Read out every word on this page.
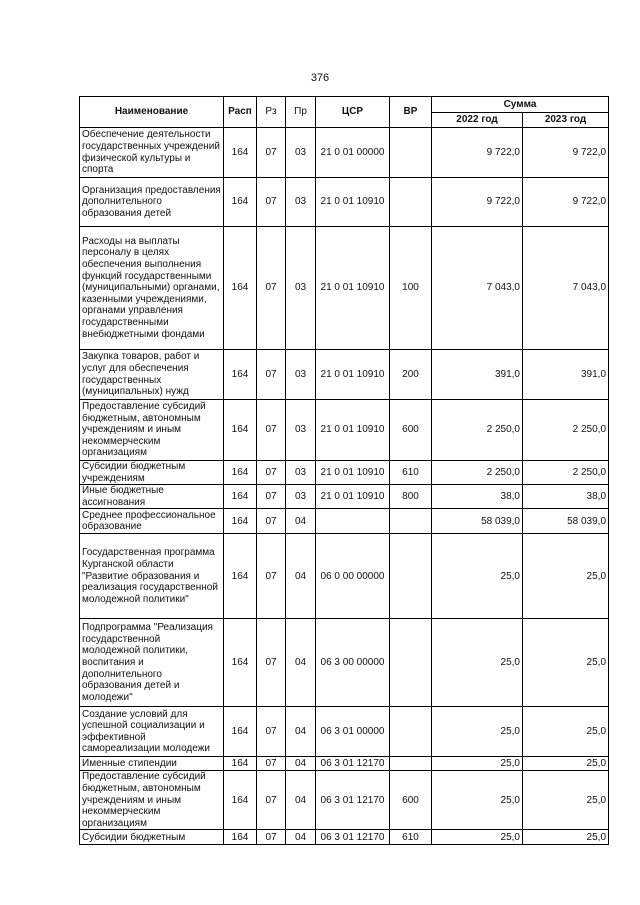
376
Наименование	Расп	Рз	Пр	ЦСР	ВР	Сумма	
						2022 год	2023 год
Обеспечение деятельности государственных учреждений физической культуры и спорта	164	07	03	21 0 01 00000		9 722,0	9 722,0
Организация предоставления дополнительного образования детей	164	07	03	21 0 01 10910		9 722,0	9 722,0
Расходы на выплаты персоналу в целях обеспечения выполнения функций государственными (муниципальными) органами, казенными учреждениями, органами управления государственными внебюджетными фондами	164	07	03	21 0 01 10910	100	7 043,0	7 043,0
Закупка товаров, работ и услуг для обеспечения государственных (муниципальных) нужд	164	07	03	21 0 01 10910	200	391,0	391,0
Предоставление субсидий бюджетным, автономным учреждениям и иным некоммерческим организациям	164	07	03	21 0 01 10910	600	2 250,0	2 250,0
Субсидии бюджетным учреждениям	164	07	03	21 0 01 10910	610	2 250,0	2 250,0
Иные бюджетные ассигнования	164	07	03	21 0 01 10910	800	38,0	38,0
Среднее профессиональное образование	164	07	04			58 039,0	58 039,0
Государственная программа Курганской области "Развитие образования и реализация государственной молодежной политики"	164	07	04	06 0 00 00000		25,0	25,0
Подпрограмма "Реализация государственной молодежной политики, воспитания и дополнительного образования детей и молодежи"	164	07	04	06 3 00 00000		25,0	25,0
Создание условий для успешной социализации и эффективной самореализации молодежи	164	07	04	06 3 01 00000		25,0	25,0
Именные стипендии	164	07	04	06 3 01 12170		25,0	25,0
Предоставление субсидий бюджетным, автономным учреждениям и иным некоммерческим организациям	164	07	04	06 3 01 12170	600	25,0	25,0
Субсидии бюджетным	164	07	04	06 3 01 12170	610	25,0	25,0
